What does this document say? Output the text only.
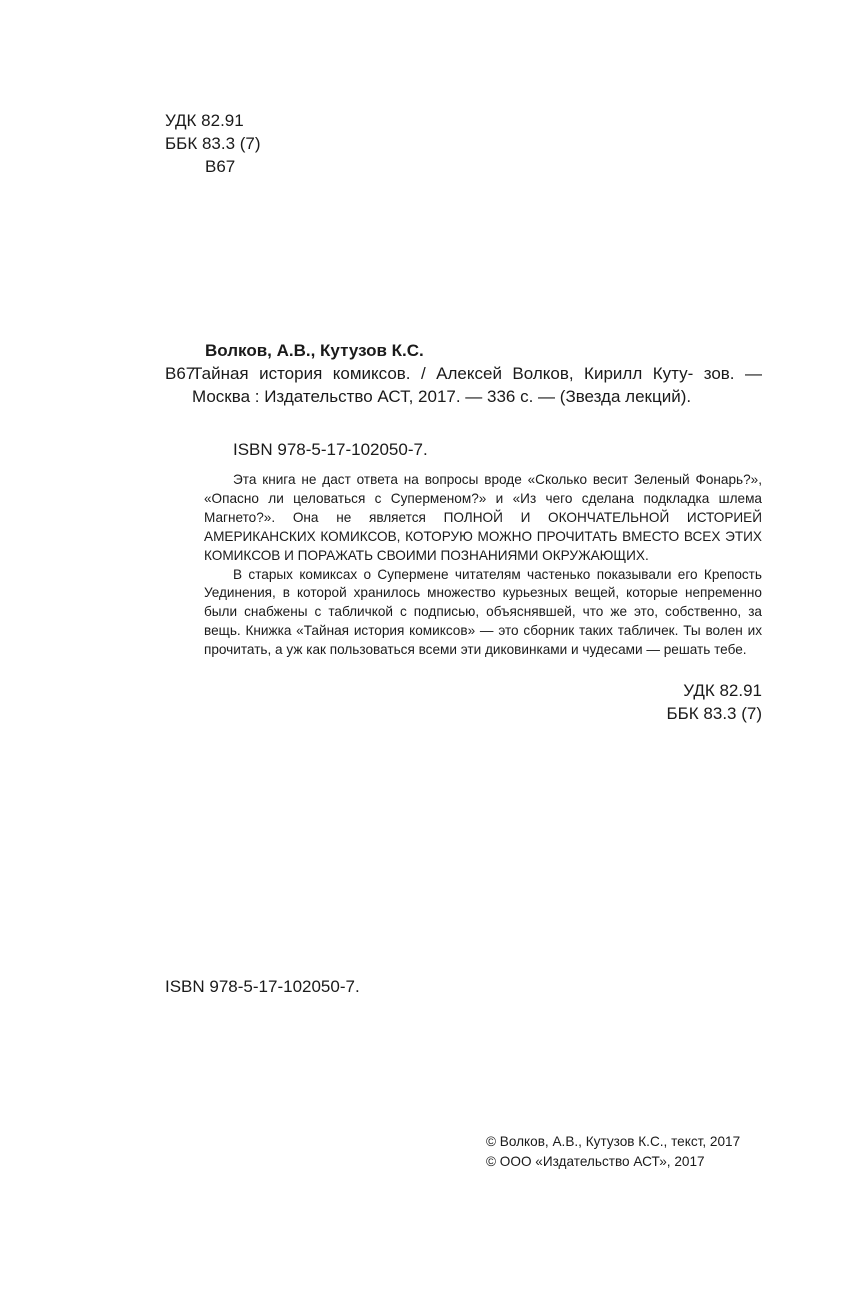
УДК 82.91
ББК 83.3 (7)
В67
Волков, А.В., Кутузов К.С.
В67
Тайная история комиксов. / Алексей Волков, Кирилл Куту- зов. — Москва : Издательство АСТ, 2017. — 336 с. — (Звезда лекций).
ISBN 978-5-17-102050-7.

Эта книга не даст ответа на вопросы вроде «Сколько весит Зеленый Фонарь?», «Опасно ли целоваться с Суперменом?» и «Из чего сделана подкладка шлема Магнето?». Она не является ПОЛНОЙ И ОКОНЧАТЕЛЬНОЙ ИСТОРИЕЙ АМЕРИКАНСКИХ КОМИКСОВ, КОТОРУЮ МОЖНО ПРОЧИТАТЬ ВМЕСТО ВСЕХ ЭТИХ КОМИКСОВ И ПОРАЖАТЬ СВОИМИ ПОЗНАНИЯМИ ОКРУЖАЮЩИХ.

В старых комиксах о Супермене читателям частенько показывали его Крепость Уединения, в которой хранилось множество курьезных вещей, которые непременно были снабжены с табличкой с подписью, объяснявшей, что же это, собственно, за вещь. Книжка «Тайная история комиксов» — это сборник таких табличек. Ты волен их прочитать, а уж как пользоваться всеми эти диковинками и чудесами — решать тебе.

УДК 82.91
ББК 83.3 (7)
ISBN 978-5-17-102050-7.
© Волков, А.В., Кутузов К.С., текст, 2017
© ООО «Издательство АСТ», 2017
